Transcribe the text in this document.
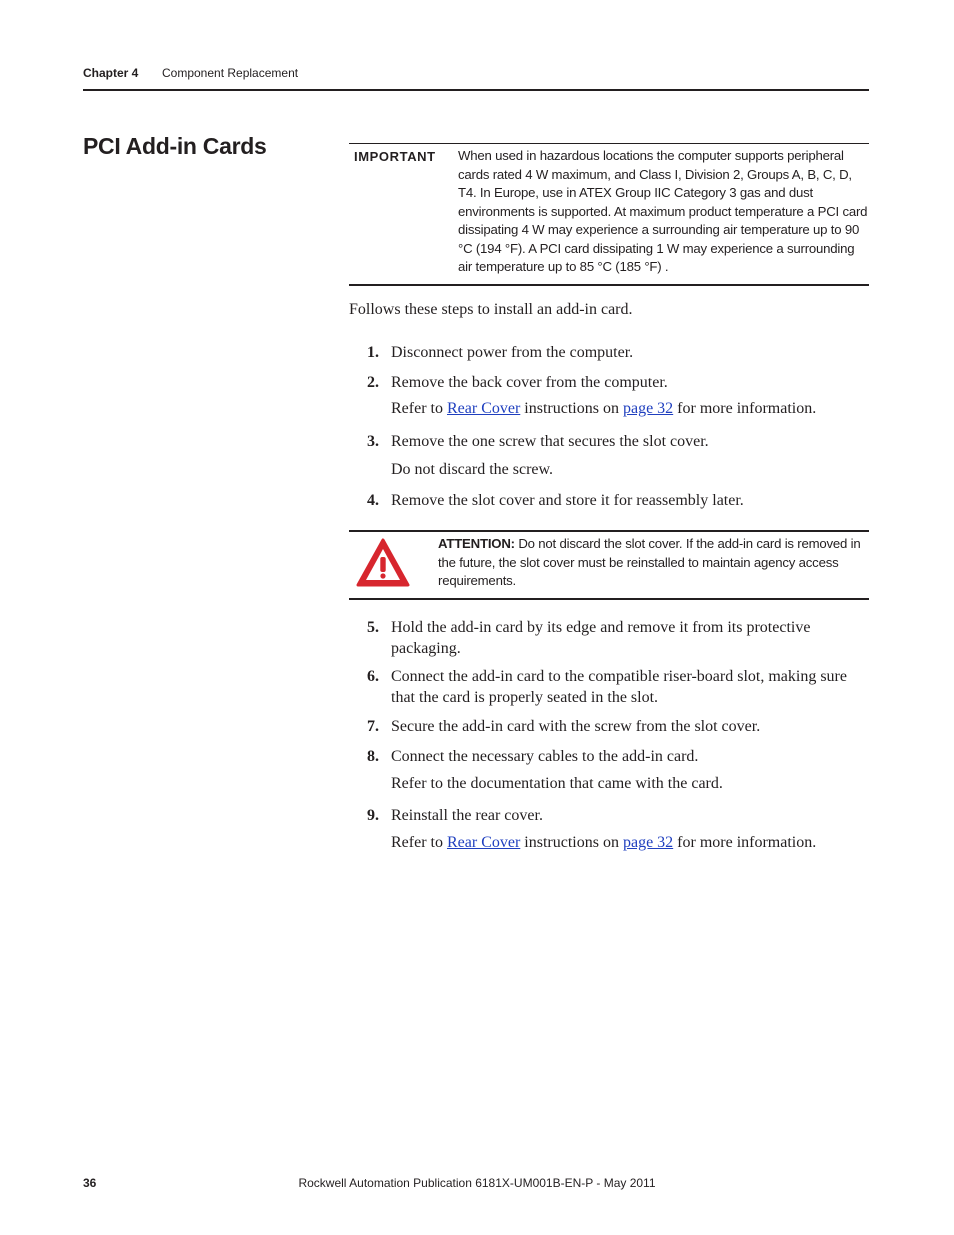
Chapter 4 Component Replacement
PCI Add-in Cards	IMPORTANT When used in hazardous locations the computer supports peripheral cards rated 4 W maximum, and Class I, Division 2, Groups A, B, C, D, T4. In Europe, use in ATEX Group IIC Category 3 gas and dust environments is supported. At maximum product temperature a PCI card dissipating 4 W may experience a surrounding air temperature up to 90 °C (194 °F). A PCI card dissipating 1 W may experience a surrounding air temperature up to 85 °C (185 °F) .
Follows these steps to install an add-in card.
1. Disconnect power from the computer.
2. Remove the back cover from the computer.
Refer to Rear Cover instructions on page 32 for more information.
3. Remove the one screw that secures the slot cover.
Do not discard the screw.
4. Remove the slot cover and store it for reassembly later.
ATTENTION: Do not discard the slot cover. If the add-in card is removed in the future, the slot cover must be reinstalled to maintain agency access requirements.
5. Hold the add-in card by its edge and remove it from its protective packaging.
6. Connect the add-in card to the compatible riser-board slot, making sure that the card is properly seated in the slot.
7. Secure the add-in card with the screw from the slot cover.
8. Connect the necessary cables to the add-in card.
Refer to the documentation that came with the card.
9. Reinstall the rear cover.
Refer to Rear Cover instructions on page 32 for more information.
36	Rockwell Automation Publication 6181X-UM001B-EN-P - May 2011
